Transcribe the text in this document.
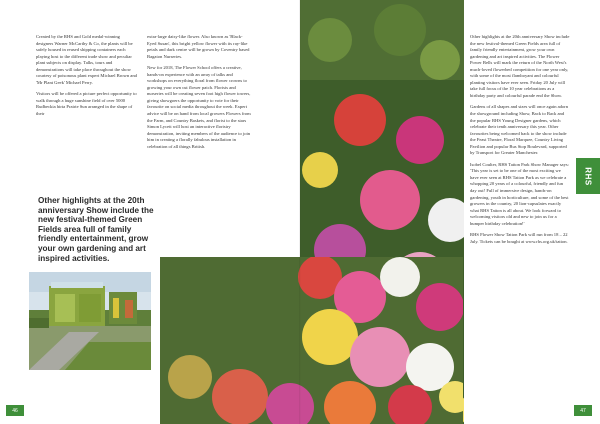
Created by the RHS and Gold medal-winning designers Warner McCarthy & Co, the plants will be safely housed in reused shipping containers each playing host to the different trade show and peculiar plant subjects on display. Talks, tours and demonstrations will take place throughout the show courtesy of poisonous plant expert Michael Brown and 'Mr Plant Geek' Michael Perry.

Visitors will be offered a picture perfect opportunity to walk through a huge sunshine field of over 5000 Rudbeckia hirta Prairie Sun arranged in the shape of their

extra-large daisy-like flower. Also known as 'Black-Eyed Susan', this bright yellow flower with its ray-like petals and dark centre will be grown by Coventry based Bagaton Nurseries.

New for 2018, The Flower School offers a creative, hands-on experience with an array of talks and workshops on everything floral from flower crowns to growing your own cut flower patch. Florists and nurseries will be creating seven foot high flower towers, giving showgoers the opportunity to vote for their favourite on social media throughout the week. Expert advice will be on hand from local growers Flowers from the Farm, and Country Baskets, and florist to the stars Simon Lycett will host an interactive floristry demonstration, inviting members of the audience to join him in creating a florally fabulous installation in celebration of all things British.

Other highlights at the 20th anniversary Show include the new festival-themed Green Fields area full of family friendly entertainment, grow your own gardening and art inspired activities.
46
RHS
47

Other highlights at the 20th anniversary Show include the new festival-themed Green Fields area full of family friendly entertainment, grow your own gardening and art inspired activities. The Flower Power Bells will mark the return of the North West's much-loved flowerbed competition for one year only, with some of the most flamboyant and colourful planting visitors have ever seen. Friday 20 July will take full focus of the 10 year celebrations as a birthday party and colourful parade end the Show.

Gardens of all shapes and sizes will once again adorn the showground including Show, Back to Back and the popular RHS Young Designer gardens, which celebrate their tenth anniversary this year. Other favourites being welcomed back to the show include the Feast Theatre, Floral Marquee, Country Living Pavilion and popular Bus Stop Boulevard, supported by Transport for Greater Manchester.

Isobel Coulter, RHS Tatton Park Show Manager says: 'This year is set to be one of the most exciting we have ever seen at RHS Tatton Park as we celebrate a whopping 20 years of a colourful, friendly and fun day out! Full of immersive design, hands-on gardening, youth in horticulture, and some of the best growers in the country, 20 lion-capsulates exactly what RHS Tatton is all about. We look forward to welcoming visitors old and new to join us for a bumper birthday celebration!'

RHS Flower Show Tatton Park will run from 18 – 22 July. Tickets can be bought at www.rhs.org.uk/tatton.
